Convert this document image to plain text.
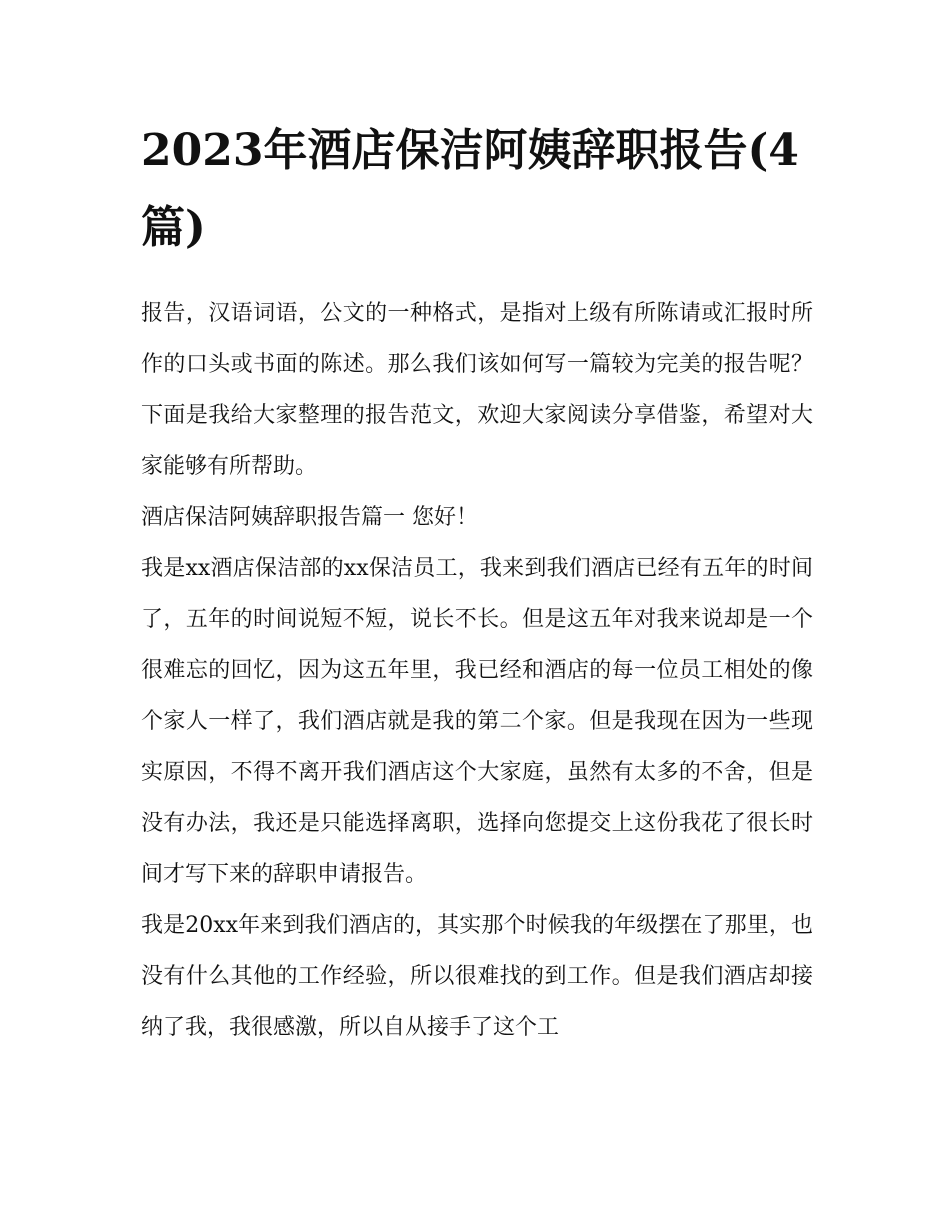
2023年酒店保洁阿姨辞职报告(4篇)

报告，汉语词语，公文的一种格式，是指对上级有所陈请或汇报时所作的口头或书面的陈述。那么我们该如何写一篇较为完美的报告呢？下面是我给大家整理的报告范文，欢迎大家阅读分享借鉴，希望对大家能够有所帮助。

酒店保洁阿姨辞职报告篇一 您好！

我是xx酒店保洁部的xx保洁员工，我来到我们酒店已经有五年的时间了，五年的时间说短不短，说长不长。但是这五年对我来说却是一个很难忘的回忆，因为这五年里，我已经和酒店的每一位员工相处的像个家人一样了，我们酒店就是我的第二个家。但是我现在因为一些现实原因，不得不离开我们酒店这个大家庭，虽然有太多的不舍，但是没有办法，我还是只能选择离职，选择向您提交上这份我花了很长时间才写下来的辞职申请报告。

我是20xx年来到我们酒店的，其实那个时候我的年级摆在了那里，也没有什么其他的工作经验，所以很难找的到工作。但是我们酒店却接纳了我，我很感激，所以自从接手了这个工
